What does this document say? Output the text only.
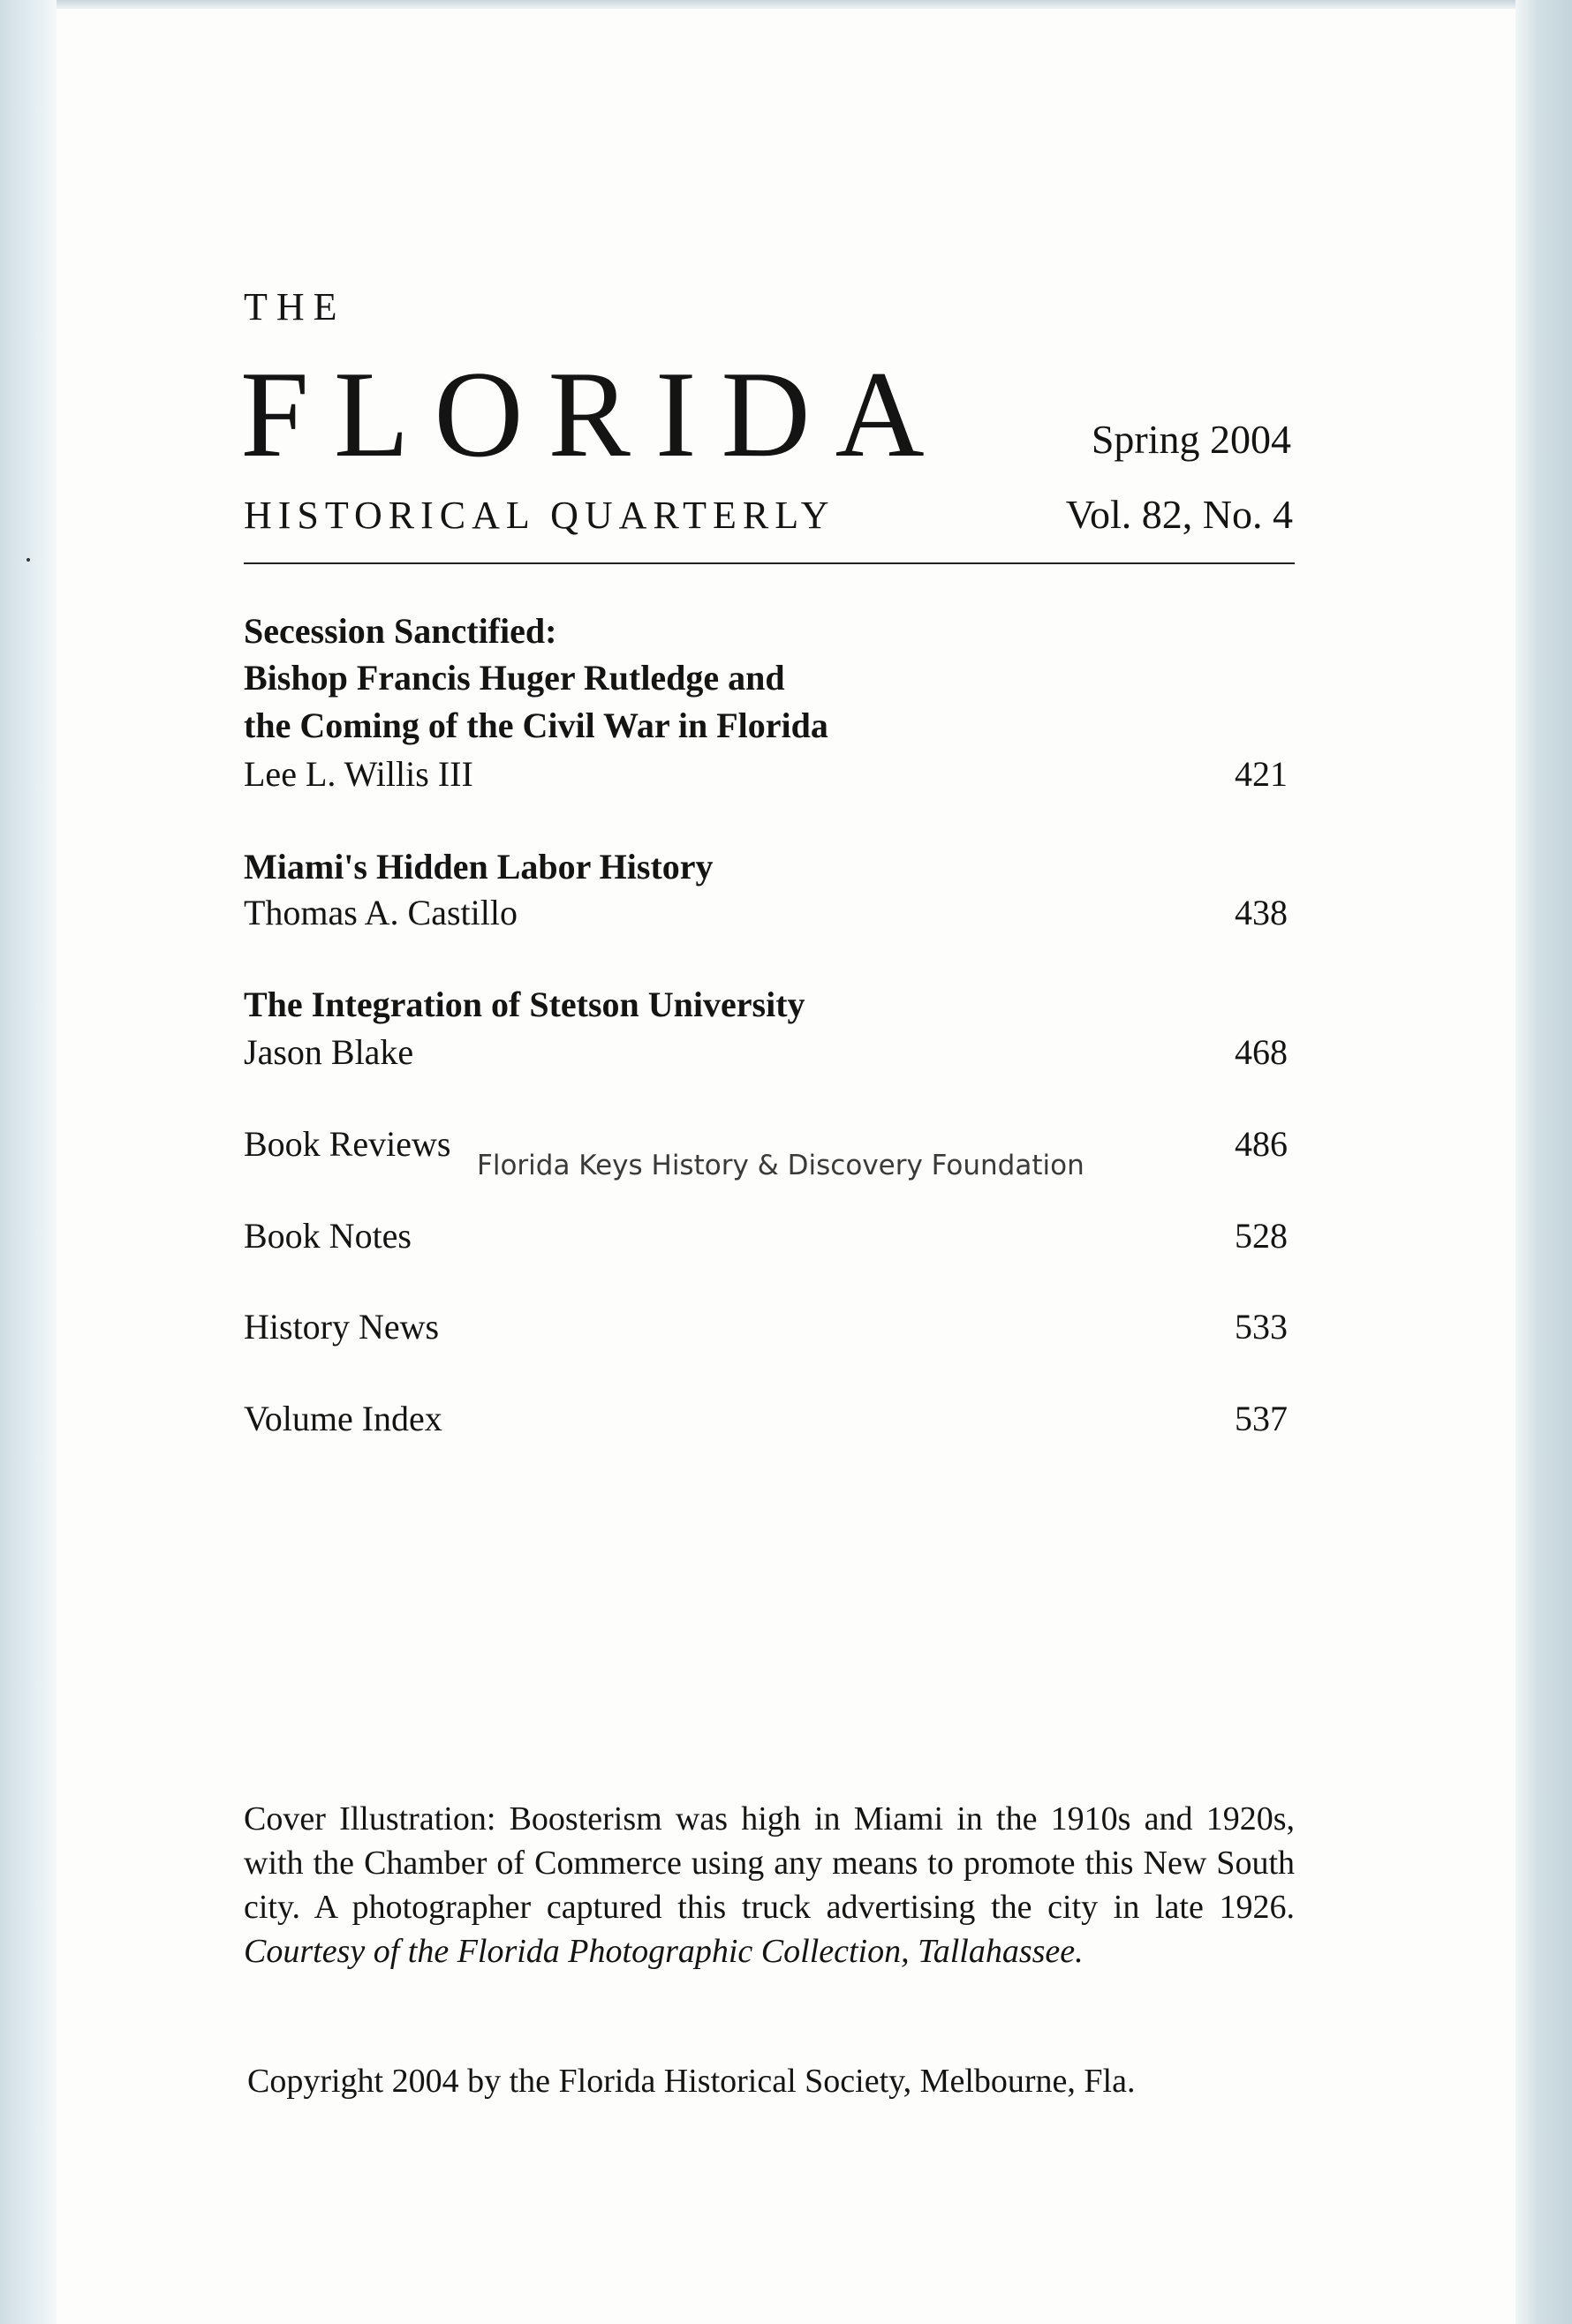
THE
FLORIDA	Spring 2004
HISTORICAL QUARTERLY	Vol. 82, No. 4
Secession Sanctified:
Bishop Francis Huger Rutledge and
the Coming of the Civil War in Florida
Lee L. Willis III	421
Miami's Hidden Labor History
Thomas A. Castillo	438
The Integration of Stetson University
Jason Blake	468
Book Reviews	486
Book Notes	528
History News	533
Volume Index	537
Florida Keys History & Discovery Foundation
Cover Illustration: Boosterism was high in Miami in the 1910s and 1920s, with the Chamber of Commerce using any means to promote this New South city. A photographer captured this truck advertising the city in late 1926. Courtesy of the Florida Photographic Collection, Tallahassee.
Copyright 2004 by the Florida Historical Society, Melbourne, Fla.
